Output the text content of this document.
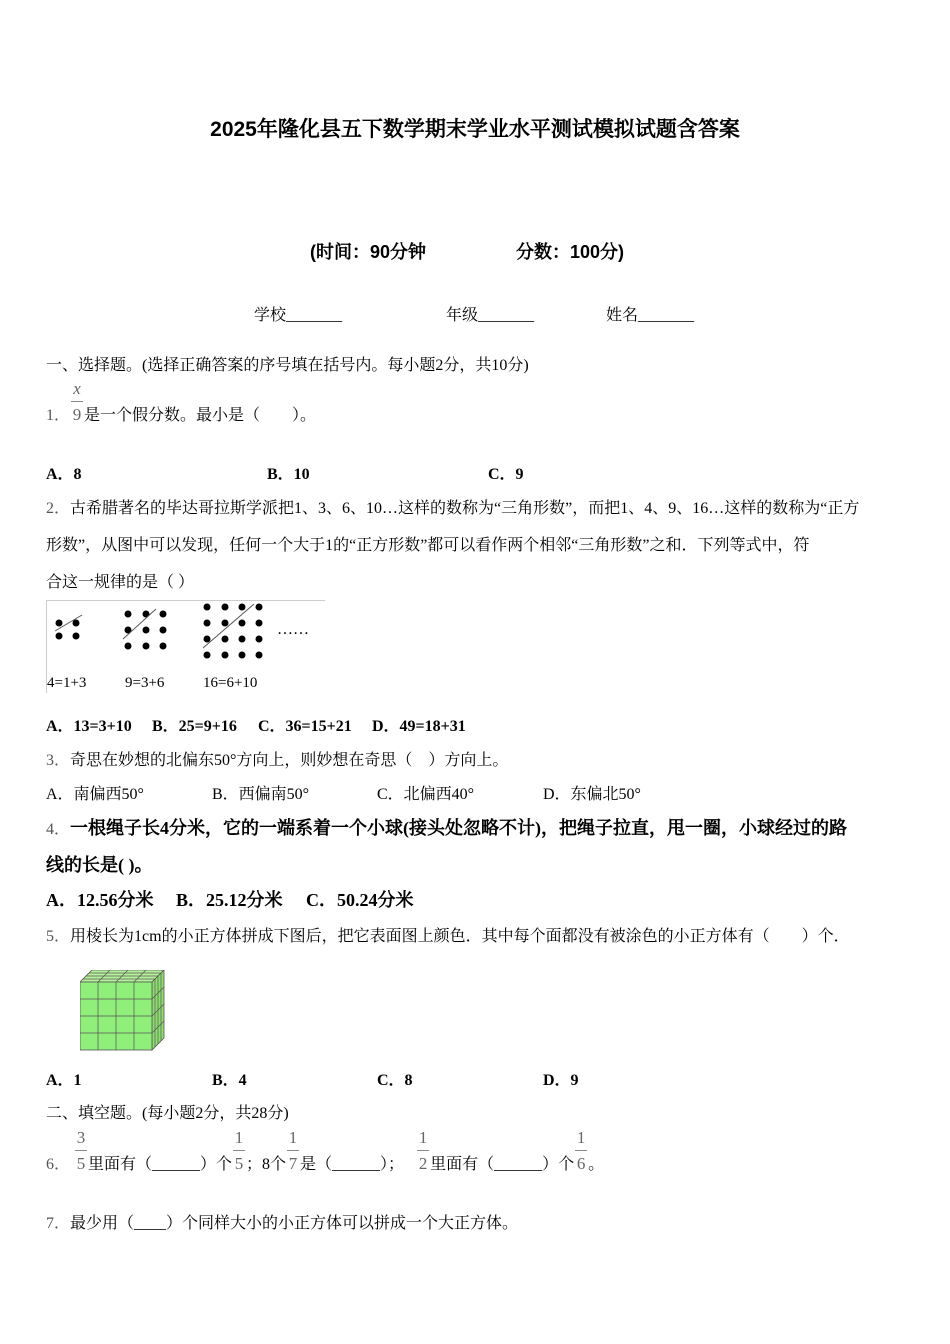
2025年隆化县五下数学期末学业水平测试模拟试题含答案
(时间：90分钟	分数：100分)
学校_______	年级_______	姓名_______
一、选择题。(选择正确答案的序号填在括号内。每小题2分，共10分)
1． $\frac{x}{9}$是一个假分数。最小是（　　）。
A．8	B．10	C．9
2．古希腊著名的毕达哥拉斯学派把1、3、6、10…这样的数称为“三角形数”，而把1、4、9、16…这样的数称为“正方
形数”，从图中可以发现，任何一个大于1的“正方形数”都可以看作两个相邻“三角形数”之和．下列等式中，符
合这一规律的是（ ）
……
4=1+3	9=3+6	16=6+10
A．13=3+10 B．25=9+16 C．36=15+21 D．49=18+31
3．奇思在妙想的北偏东50°方向上，则妙想在奇思（　）方向上。
A．南偏西50°	B．西偏南50°	C．北偏西40°	D．东偏北50°
4．一根绳子长4分米，它的一端系着一个小球(接头处忽略不计)，把绳子拉直，甩一圈，小球经过的路
线的长是( )。
A．12.56分米 B．25.12分米 C．50.24分米
5．用棱长为1cm的小正方体拼成下图后，把它表面图上颜色．其中每个面都没有被涂色的小正方体有（　　）个．
A．1	B．4	C．8	D．9
二、填空题。(每小题2分，共28分)
6． $\frac{3}{5}$里面有（______）个 $\frac{1}{5}$；8个 $\frac{1}{7}$是（______）； $\frac{1}{2}$里面有（______）个 $\frac{1}{6}$。
7．最少用（____）个同样大小的小正方体可以拼成一个大正方体。
